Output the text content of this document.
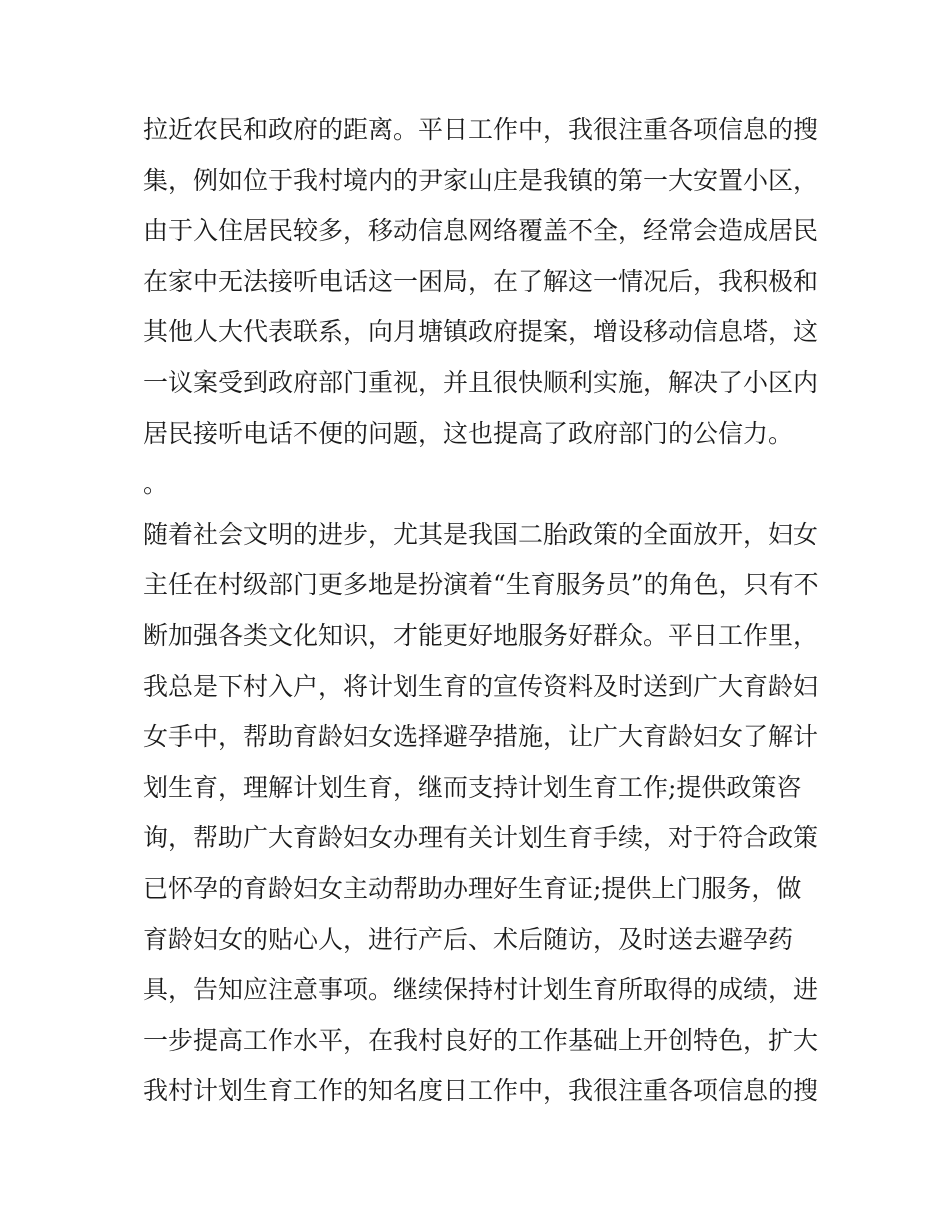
拉近农民和政府的距离。平日工作中，我很注重各项信息的搜
集，例如位于我村境内的尹家山庄是我镇的第一大安置小区，
由于入住居民较多，移动信息网络覆盖不全，经常会造成居民
在家中无法接听电话这一困局，在了解这一情况后，我积极和
其他人大代表联系，向月塘镇政府提案，增设移动信息塔，这
一议案受到政府部门重视，并且很快顺利实施，解决了小区内
居民接听电话不便的问题，这也提高了政府部门的公信力。
。
随着社会文明的进步，尤其是我国二胎政策的全面放开，妇女
主任在村级部门更多地是扮演着“生育服务员”的角色，只有不
断加强各类文化知识，才能更好地服务好群众。平日工作里，
我总是下村入户，将计划生育的宣传资料及时送到广大育龄妇
女手中，帮助育龄妇女选择避孕措施，让广大育龄妇女了解计
划生育，理解计划生育，继而支持计划生育工作;提供政策咨
询，帮助广大育龄妇女办理有关计划生育手续，对于符合政策
已怀孕的育龄妇女主动帮助办理好生育证;提供上门服务，做
育龄妇女的贴心人，进行产后、术后随访，及时送去避孕药
具，告知应注意事项。继续保持村计划生育所取得的成绩，进
一步提高工作水平，在我村良好的工作基础上开创特色，扩大
我村计划生育工作的知名度日工作中，我很注重各项信息的搜
